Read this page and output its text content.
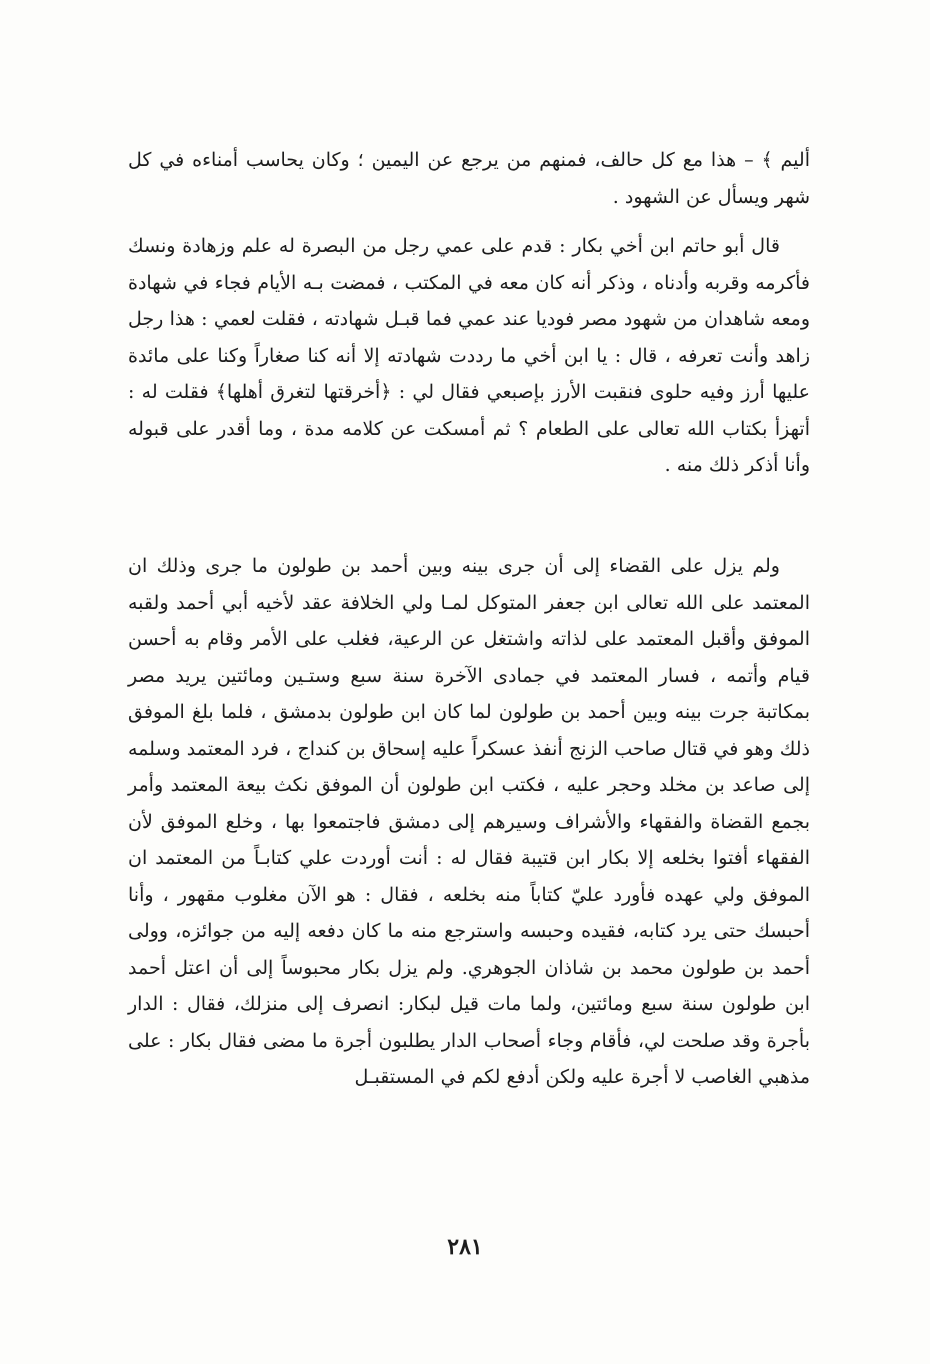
ألیم ﴾ – هذا مع كل حالف، فمنهم من يرجع عن اليمين ؛ وكان يحاسب أمناءه في كل شهر ويسأل عن الشهود .

قال أبو حاتم ابن أخي بكار : قدم على عمي رجل من البصرة له علم وزهادة ونسك فأكرمه وقربه وأدناه ، وذكر أنه كان معه في المكتب ، فمضت بـه الأيام فجاء في شهادة ومعه شاهدان من شهود مصر فوديا عند عمي فما قبـل شهادته ، فقلت لعمي : هذا رجل زاهد وأنت تعرفه ، قال : يا ابن أخي ما رددت شهادته إلا أنه كنا صغاراً وكنا على مائدة عليها أرز وفيه حلوى فنقبت الأرز بإصبعي فقال لي : ﴿أخرقتها لتغرق أهلها﴾ فقلت له : أتهزأ بكتاب الله تعالى على الطعام ؟ ثم أمسكت عن كلامه مدة ، وما أقدر على قبوله وأنا أذكر ذلك منه .

ولم يزل على القضاء إلى أن جرى بينه وبين أحمد بن طولون ما جرى وذلك ان المعتمد على الله تعالى ابن جعفر المتوكل لمـا ولي الخلافة عقد لأخيه أبي أحمد ولقبه الموفق وأقبل المعتمد على لذاته واشتغل عن الرعية، فغلب على الأمر وقام به أحسن قيام وأتمه ، فسار المعتمد في جمادى الآخرة سنة سبع وستـين ومائتين يريد مصر بمكاتبة جرت بينه وبين أحمد بن طولون لما كان ابن طولون بدمشق ، فلما بلغ الموفق ذلك وهو في قتال صاحب الزنج أنفذ عسكراً عليه إسحاق بن كنداج ، فرد المعتمد وسلمه إلى صاعد بن مخلد وحجر عليه ، فكتب ابن طولون أن الموفق نكث بيعة المعتمد وأمر بجمع القضاة والفقهاء والأشراف وسيرهم إلى دمشق فاجتمعوا بها ، وخلع الموفق لأن الفقهاء أفتوا بخلعه إلا بكار ابن قتيبة فقال له : أنت أوردت علي كتابـاً من المعتمد ان الموفق ولي عهده فأورد عليّ كتاباً منه بخلعه ، فقال : هو الآن مغلوب مقهور ، وأنا أحبسك حتى يرد كتابه، فقيده وحبسه واسترجع منه ما كان دفعه إليه من جوائزه، وولى أحمد بن طولون محمد بن شاذان الجوهري. ولم يزل بكار محبوساً إلى أن اعتل أحمد ابن طولون سنة سبع ومائتين، ولما مات قيل لبكار: انصرف إلى منزلك، فقال : الدار بأجرة وقد صلحت لي، فأقام وجاء أصحاب الدار يطلبون أجرة ما مضى فقال بكار : على مذهبي الغاصب لا أجرة عليه ولكن أدفع لكم في المستقبـل

٢٨١
